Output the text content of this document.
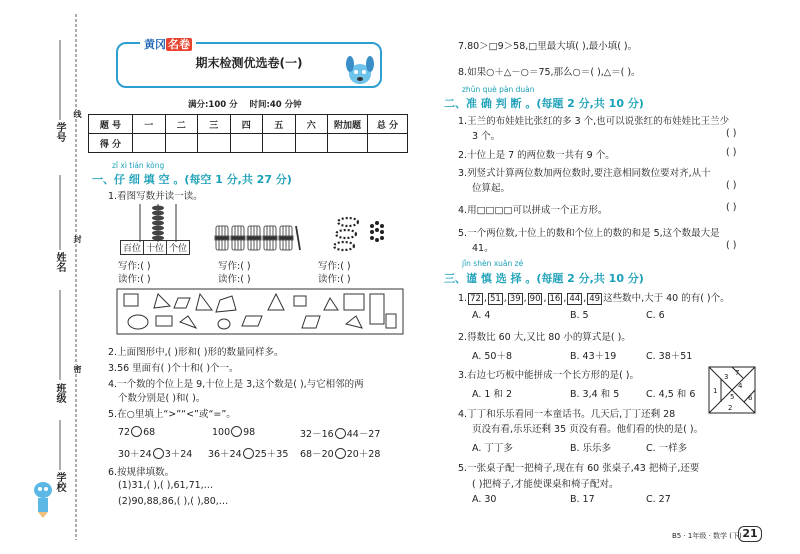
学号
姓名
班级
学校
线
封
密
黄冈 名卷
期末检测优选卷(一)
满分:100 分    时间:40 分钟
题 号	一	二	三	四	五	六	附加题	总 分
得 分								
zǐ xì tián kòng
一、仔 细 填 空 。(每空 1 分,共 27 分)
1.看图写数并读一读。
百位 十位 个位
写作:( )
读作:( )
写作:( )
读作:( )
写作:( )
读作:( )
2.上面图形中,( )形和( )形的数量同样多。
3.56 里面有( )个十和( )个一。
4.一个数的个位上是 9,十位上是 3,这个数是( ),与它相邻的两
个数分别是( )和( )。
5.在○里填上“>”“<”或“=”。
72 68	100 98	32－16 44－27
30＋24 3＋24 36＋24 25＋35 68－20 20＋28
6.按规律填数。
(1)31,( ),( ),61,71,…
(2)90,88,86,( ),( ),80,…
7.80＞□9＞58,□里最大填( ),最小填( )。
8.如果○＋△－○＝75,那么○＝( ),△＝( )。
zhǔn què pàn duàn
二、准 确 判 断 。(每题 2 分,共 10 分)
1.王兰的布娃娃比张红的多 3 个,也可以说张红的布娃娃比王兰少
3 个。	( )
2.十位上是 7 的两位数一共有 9 个。	( )
3.列竖式计算两位数加两位数时,要注意相同数位要对齐,从十
位算起。	( )
4.用□□□□可以拼成一个正方形。	( )
5.一个两位数,十位上的数和个位上的数的和是 5,这个数最大是
41。	( )
jǐn shèn xuǎn zé
三、谨 慎 选 择 。(每题 2 分,共 10 分)
1. 72 , 51 , 39 , 90 , 16 , 44 , 49 这些数中,大于 40 的有( )个。
A. 4	B. 5	C. 6
2.得数比 60 大,又比 80 小的算式是( )。
A. 50＋8	B. 43＋19	C. 38＋51
3.右边七巧板中能拼成一个长方形的是( )。
A. 1 和 2	B. 3,4 和 5	C. 4,5 和 6
7
3
4
1
5 6
2
4.丁丁和乐乐看同一本童话书。几天后,丁丁还剩 28
页没有看,乐乐还剩 35 页没有看。他们看的快的是( )。
A. 丁丁多	B. 乐乐多	C. 一样多
5.一张桌子配一把椅子,现在有 60 张桌子,43 把椅子,还要
( )把椅子,才能使课桌和椅子配对。
A. 30	B. 17	C. 27
B5 · 1年级 · 数学 (下) 21
